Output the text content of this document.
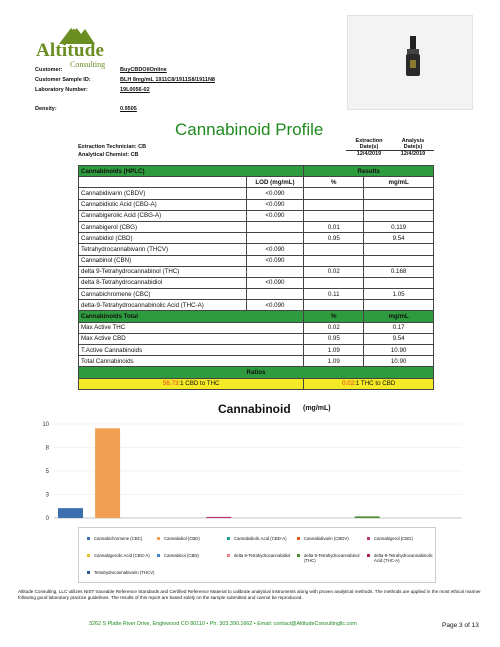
Altitude
Consulting
Customer:	BuyCBDOilOnline
Customer Sample ID:	BLH 8mg/mL 1911C8/1911S8/1911N8
Laboratory Number:	19L0056-02
Density:	0.9505
Cannabinoid Profile
Extraction Technician: CB
Analytical Chemist: CB
Extraction
Date(s)
12/4/2019
Analysis
Date(s)
12/4/2019
Cannabinoids (HPLC)		Results	
	LOD (mg/mL)	%	mg/mL
Cannabidivarin (CBDV)	<0.090		
Cannabidiolic Acid (CBD-A)	<0.090		
Cannabigerolic Acid (CBG-A)	<0.090		
Cannabigerol (CBG)		0.01	0.119
Cannabidiol (CBD)		0.95	9.54
Tetrahydrocannabivarin (THCV)	<0.090		
Cannabinol (CBN)	<0.090		
delta 9-Tetrahydrocannabinol (THC)		0.02	0.168
delta 8-Tetrahydrocannabidiol	<0.090		
Cannabichromene (CBC)		0.11	1.05
delta-9-Tetrahydrocannabinolic Acid (THC-A)	<0.090		
Cannabinoids Total		%	mg/mL
Max Active THC		0.02	0.17
Max Active CBD		0.95	9.54
T.Active Cannabinoids		1.09	10.90
Total Cannabinoids		1.09	10.90
Ratios			
56.73:1 CBD to THC		0.02:1 THC to CBD	
Cannabinoid (mg/mL)
0
3
5
8
10
Cannabichromene (CBC)	Cannabidiol (CBD)	Cannabidiolic Acid (CBD-A)	Cannabidivarin (CBDV)	Cannabigerol (CBG)
Cannabigerolic Acid (CBG-A)	Cannabinol (CBN)	delta 8-Tetrahydrocannabidiol	delta 9-Tetrahydrocannabinol (THC)
delta-9-Tetrahydrocannabinolic Acid (THC-A)
Tetrahydrocannabivarin (THCV)
Altitude Consulting, LLC utilizes NIST traceable Reference Standards and Certified Reference Material to calibrate analytical instruments along with proven analytical methods. The methods are applied in the most ethical manner following good laboratory practice guidelines. The results of this report are based solely on the sample submitted and cannot be reproduced.
3262 S Platte River Drive, Englewood CO 80110 • Ph: 303.390.1662 • Email: contact@AltitudeConsultingllc.com	Page 3 of 13
